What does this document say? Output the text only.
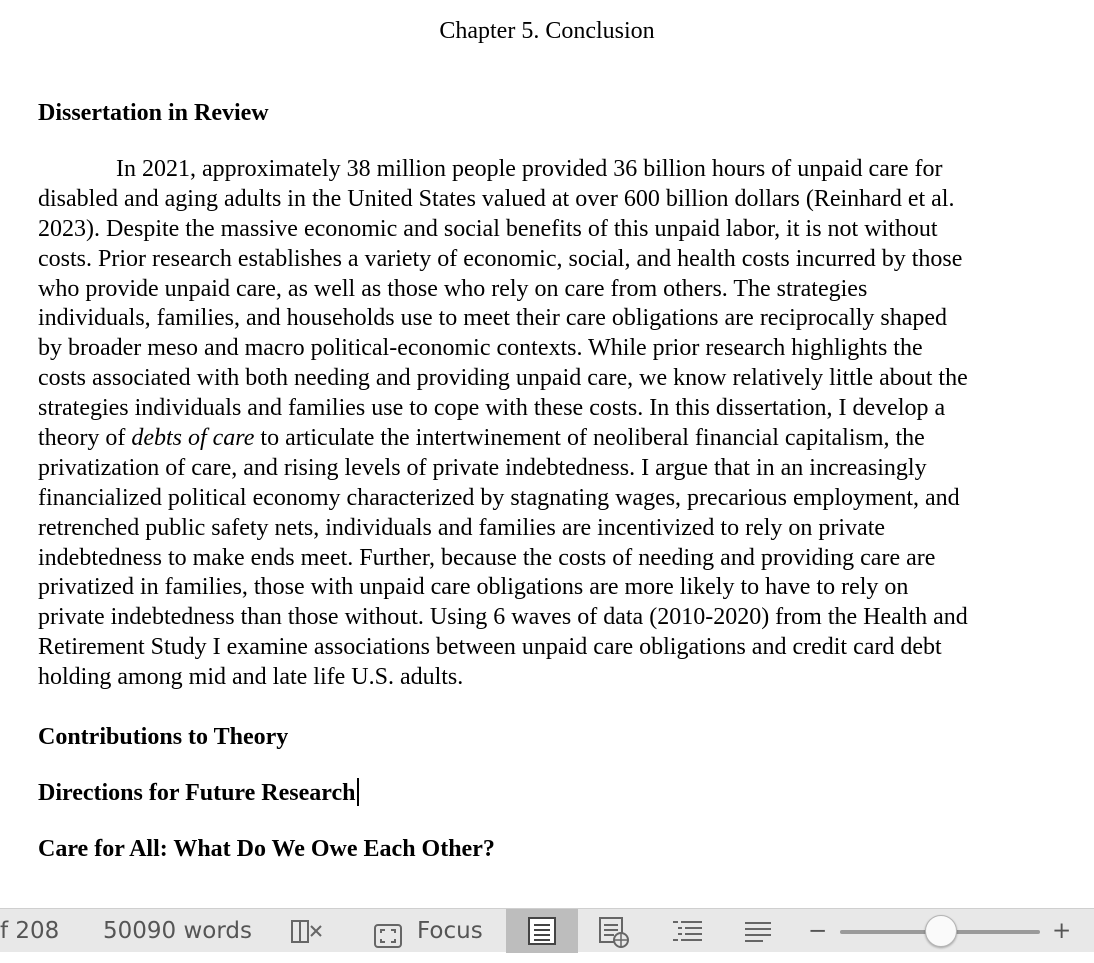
Chapter 5. Conclusion
Dissertation in Review
In 2021, approximately 38 million people provided 36 billion hours of unpaid care for
disabled and aging adults in the United States valued at over 600 billion dollars (Reinhard et al.
2023). Despite the massive economic and social benefits of this unpaid labor, it is not without
costs. Prior research establishes a variety of economic, social, and health costs incurred by those
who provide unpaid care, as well as those who rely on care from others. The strategies
individuals, families, and households use to meet their care obligations are reciprocally shaped
by broader meso and macro political-economic contexts. While prior research highlights the
costs associated with both needing and providing unpaid care, we know relatively little about the
strategies individuals and families use to cope with these costs. In this dissertation, I develop a
theory of debts of care to articulate the intertwinement of neoliberal financial capitalism, the
privatization of care, and rising levels of private indebtedness. I argue that in an increasingly
financialized political economy characterized by stagnating wages, precarious employment, and
retrenched public safety nets, individuals and families are incentivized to rely on private
indebtedness to make ends meet. Further, because the costs of needing and providing care are
privatized in families, those with unpaid care obligations are more likely to have to rely on
private indebtedness than those without. Using 6 waves of data (2010-2020) from the Health and
Retirement Study I examine associations between unpaid care obligations and credit card debt
holding among mid and late life U.S. adults.
Contributions to Theory
Directions for Future Research
Care for All: What Do We Owe Each Other?
f 208 50090 words	Focus	−	+
